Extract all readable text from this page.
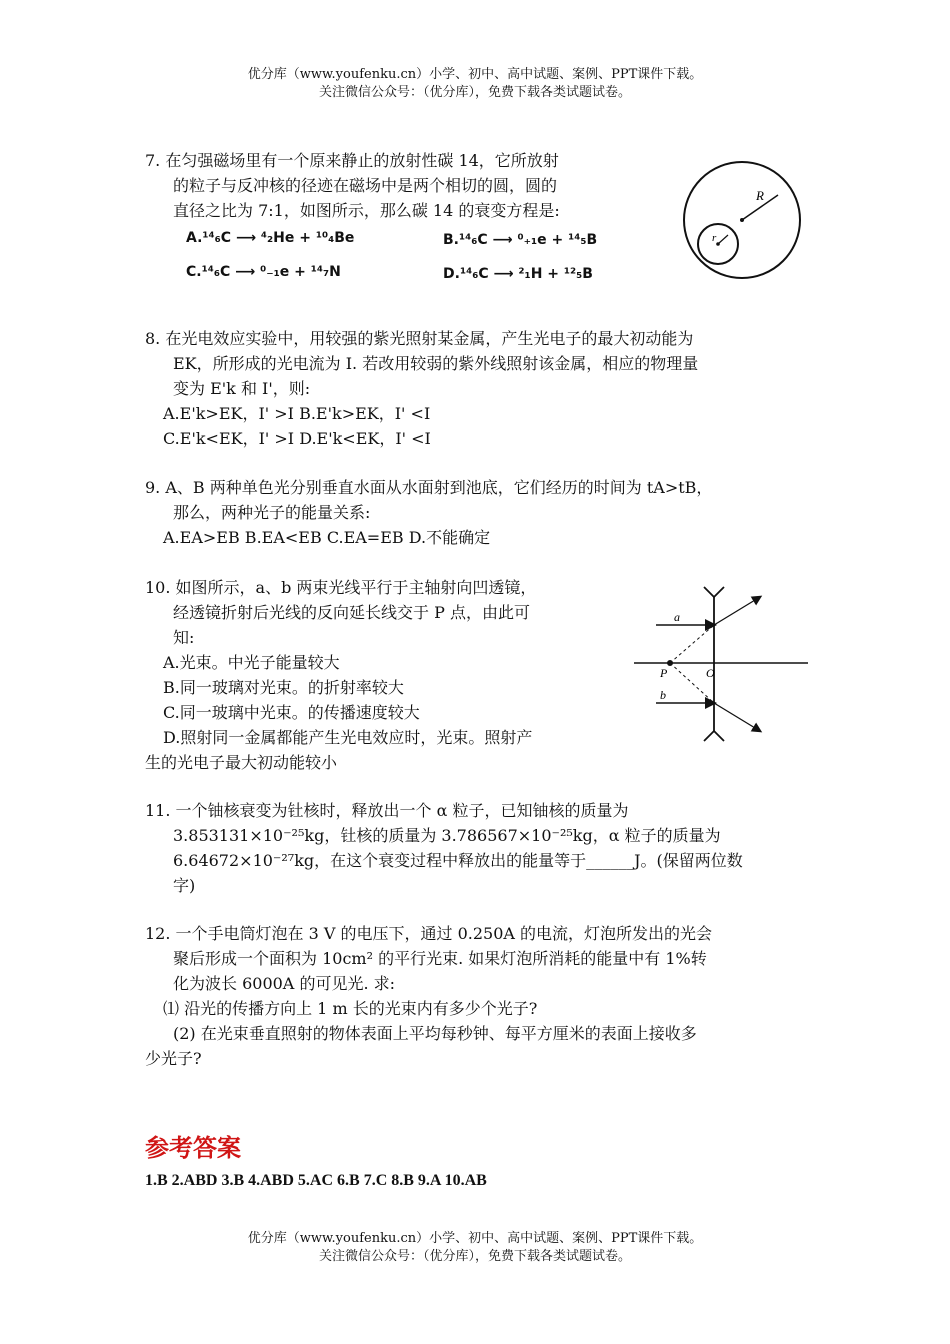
优分库（www.youfenku.cn）小学、初中、高中试题、案例、PPT课件下载。
关注微信公众号：（优分库），免费下载各类试题试卷。
7. 在匀强磁场里有一个原来静止的放射性碳 14，它所放射
的粒子与反冲核的径迹在磁场中是两个相切的圆，圆的
直径之比为 7:1，如图所示，那么碳 14 的衰变方程是:
A.¹⁴₆C ⟶ ⁴₂He + ¹⁰₄Be	B.¹⁴₆C ⟶ ⁰₊₁e + ¹⁴₅B
C.¹⁴₆C ⟶ ⁰₋₁e + ¹⁴₇N	D.¹⁴₆C ⟶ ²₁H + ¹²₅B
R
r
8. 在光电效应实验中，用较强的紫光照射某金属，产生光电子的最大初动能为
EK，所形成的光电流为 I. 若改用较弱的紫外线照射该金属，相应的物理量
变为 E'k 和 I'，则:
A.E'k>EK，I' >I B.E'k>EK，I' <I
C.E'k<EK，I' >I D.E'k<EK，I' <I
9. A、B 两种单色光分别垂直水面从水面射到池底，它们经历的时间为 tA>tB，
那么，两种光子的能量关系:
A.EA>EB B.EA<EB C.EA=EB D.不能确定
10. 如图所示，a、b 两束光线平行于主轴射向凹透镜，
经透镜折射后光线的反向延长线交于 P 点，由此可
知:
A.光束。中光子能量较大
B.同一玻璃对光束。的折射率较大
C.同一玻璃中光束。的传播速度较大
D.照射同一金属都能产生光电效应时，光束。照射产
生的光电子最大初动能较小
a
b
P	O
11. 一个铀核衰变为钍核时，释放出一个 α 粒子，已知铀核的质量为
3.853131×10⁻²⁵kg，钍核的质量为 3.786567×10⁻²⁵kg，α 粒子的质量为
6.64672×10⁻²⁷kg，在这个衰变过程中释放出的能量等于______J。(保留两位数
字)
12. 一个手电筒灯泡在 3 V 的电压下，通过 0.250A 的电流，灯泡所发出的光会
聚后形成一个面积为 10cm² 的平行光束. 如果灯泡所消耗的能量中有 1%转
化为波长 6000A 的可见光. 求:
⑴ 沿光的传播方向上 1 m 长的光束内有多少个光子?
(2) 在光束垂直照射的物体表面上平均每秒钟、每平方厘米的表面上接收多
少光子?
参考答案
1.B 2.ABD 3.B 4.ABD 5.AC 6.B 7.C 8.B 9.A 10.AB
优分库（www.youfenku.cn）小学、初中、高中试题、案例、PPT课件下载。
关注微信公众号：（优分库），免费下载各类试题试卷。
